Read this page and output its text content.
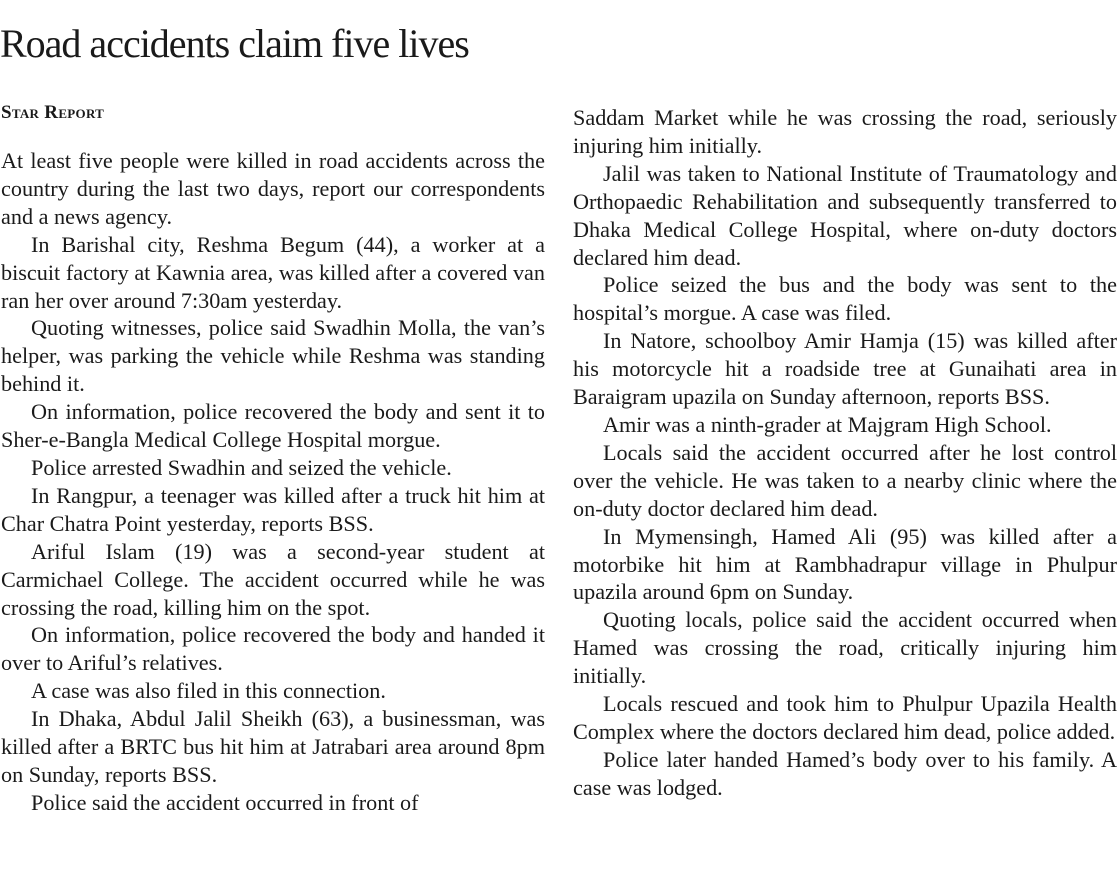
Road accidents claim five lives
Star Report

At least five people were killed in road accidents across the country during the last two days, report our correspondents and a news agency.

In Barishal city, Reshma Begum (44), a worker at a biscuit factory at Kawnia area, was killed after a covered van ran her over around 7:30am yesterday.

Quoting witnesses, police said Swadhin Molla, the van’s helper, was parking the vehicle while Reshma was standing behind it.

On information, police recovered the body and sent it to Sher-e-Bangla Medical College Hospital morgue.

Police arrested Swadhin and seized the vehicle.

In Rangpur, a teenager was killed after a truck hit him at Char Chatra Point yesterday, reports BSS.

Ariful Islam (19) was a second-year student at Carmichael College. The accident occurred while he was crossing the road, killing him on the spot.

On information, police recovered the body and handed it over to Ariful’s relatives.

A case was also filed in this connection.

In Dhaka, Abdul Jalil Sheikh (63), a businessman, was killed after a BRTC bus hit him at Jatrabari area around 8pm on Sunday, reports BSS.

Police said the accident occurred in front of

Saddam Market while he was crossing the road, seriously injuring him initially.

Jalil was taken to National Institute of Traumatology and Orthopaedic Rehabilitation and subsequently transferred to Dhaka Medical College Hospital, where on-duty doctors declared him dead.

Police seized the bus and the body was sent to the hospital’s morgue. A case was filed.

In Natore, schoolboy Amir Hamja (15) was killed after his motorcycle hit a roadside tree at Gunaihati area in Baraigram upazila on Sunday afternoon, reports BSS.

Amir was a ninth-grader at Majgram High School.

Locals said the accident occurred after he lost control over the vehicle. He was taken to a nearby clinic where the on-duty doctor declared him dead.

In Mymensingh, Hamed Ali (95) was killed after a motorbike hit him at Rambhadrapur village in Phulpur upazila around 6pm on Sunday.

Quoting locals, police said the accident occurred when Hamed was crossing the road, critically injuring him initially.

Locals rescued and took him to Phulpur Upazila Health Complex where the doctors declared him dead, police added.

Police later handed Hamed’s body over to his family. A case was lodged.
